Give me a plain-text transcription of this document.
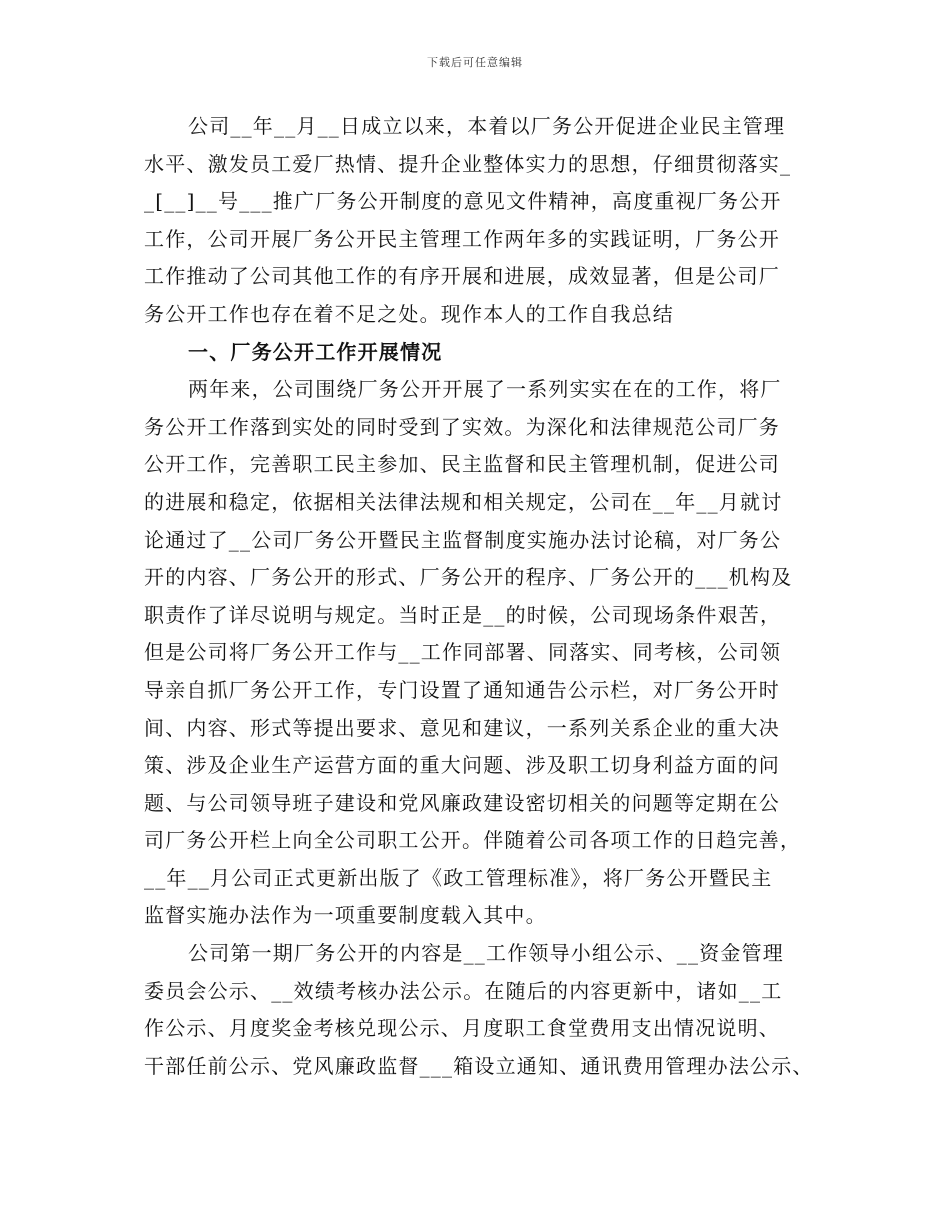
下载后可任意编辑
公司__年__月__日成立以来，本着以厂务公开促进企业民主管理
水平、激发员工爱厂热情、提升企业整体实力的思想，仔细贯彻落实_
_[__]__号___推广厂务公开制度的意见文件精神，高度重视厂务公开
工作，公司开展厂务公开民主管理工作两年多的实践证明，厂务公开
工作推动了公司其他工作的有序开展和进展，成效显著，但是公司厂
务公开工作也存在着不足之处。现作本人的工作自我总结
一、厂务公开工作开展情况
两年来，公司围绕厂务公开开展了一系列实实在在的工作，将厂
务公开工作落到实处的同时受到了实效。为深化和法律规范公司厂务
公开工作，完善职工民主参加、民主监督和民主管理机制，促进公司
的进展和稳定，依据相关法律法规和相关规定，公司在__年__月就讨
论通过了__公司厂务公开暨民主监督制度实施办法讨论稿，对厂务公
开的内容、厂务公开的形式、厂务公开的程序、厂务公开的___机构及
职责作了详尽说明与规定。当时正是__的时候，公司现场条件艰苦，
但是公司将厂务公开工作与__工作同部署、同落实、同考核，公司领
导亲自抓厂务公开工作，专门设置了通知通告公示栏，对厂务公开时
间、内容、形式等提出要求、意见和建议，一系列关系企业的重大决
策、涉及企业生产运营方面的重大问题、涉及职工切身利益方面的问
题、与公司领导班子建设和党风廉政建设密切相关的问题等定期在公
司厂务公开栏上向全公司职工公开。伴随着公司各项工作的日趋完善，
__年__月公司正式更新出版了《政工管理标准》，将厂务公开暨民主
监督实施办法作为一项重要制度载入其中。
公司第一期厂务公开的内容是__工作领导小组公示、__资金管理
委员会公示、__效绩考核办法公示。在随后的内容更新中，诸如__工
作公示、月度奖金考核兑现公示、月度职工食堂费用支出情况说明、
干部任前公示、党风廉政监督___箱设立通知、通讯费用管理办法公示、
